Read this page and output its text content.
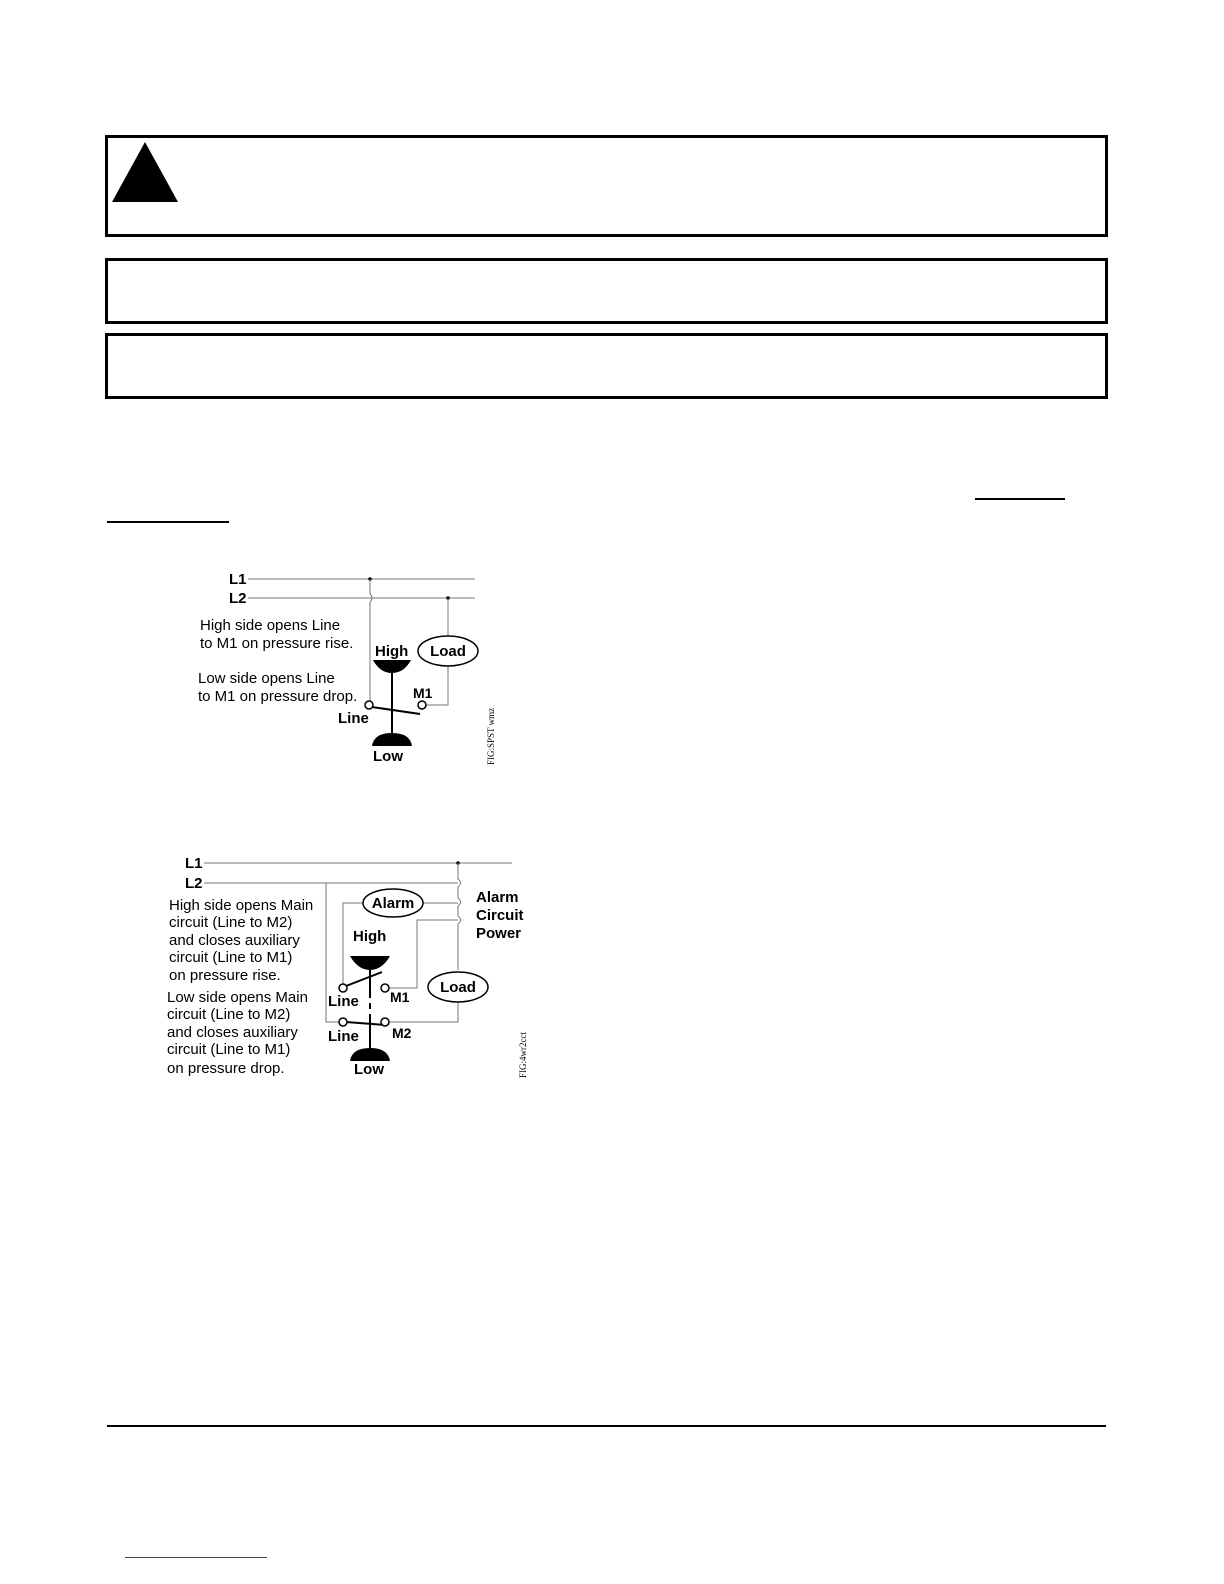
Load
L1
L2
High side opens Line
to M1 on pressure rise. High
Low side opens Line
to M1 on pressure drop.	M1
Line
Low	FIG:SPST wmz
Alarm
Load
L1
L2
Alarm
Circuit
Power
High side opens Main
circuit (Line to M2)
and closes auxiliary
circuit (Line to M1)
on pressure rise.
High
Low side opens Main
circuit (Line to M2)
and closes auxiliary
circuit (Line to M1)
on pressure drop.
Line M1
Line M2
Low	FIG:4wr2cct
